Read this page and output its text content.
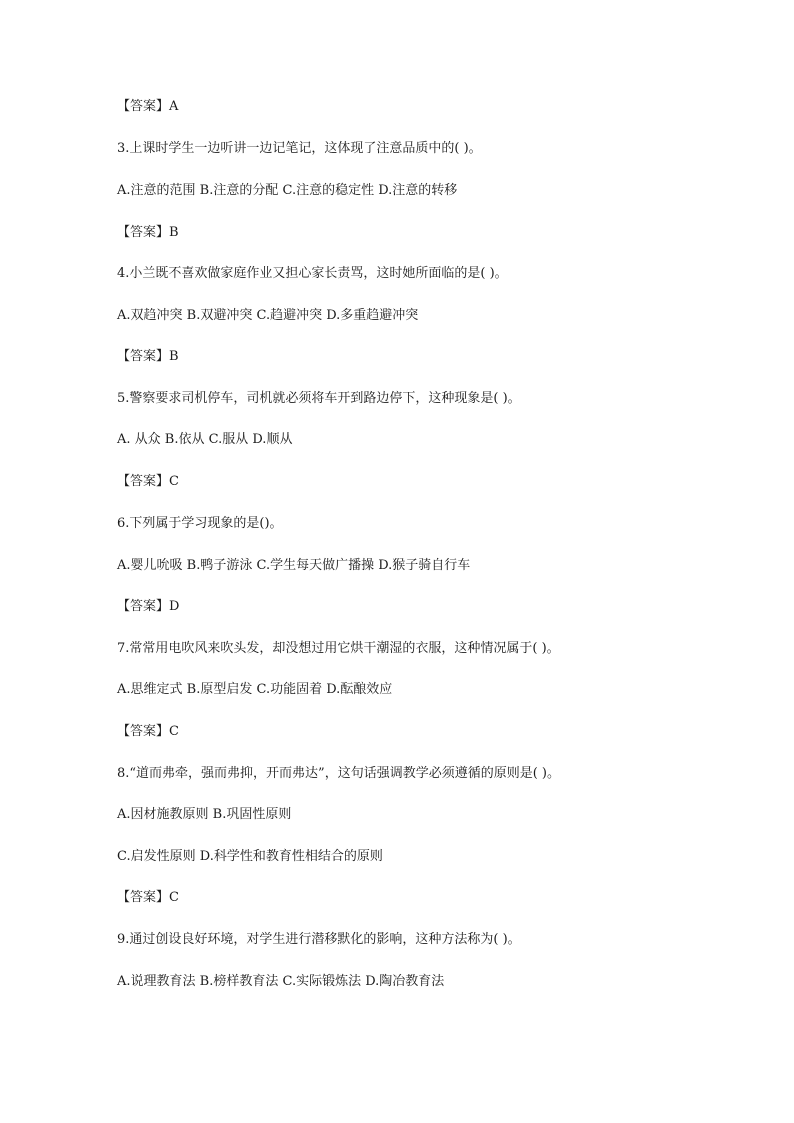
【答案】A
3.上课时学生一边听讲一边记笔记，这体现了注意品质中的( )。
A.注意的范围 B.注意的分配 C.注意的稳定性 D.注意的转移
【答案】B
4.小兰既不喜欢做家庭作业又担心家长责骂，这时她所面临的是( )。
A.双趋冲突 B.双避冲突 C.趋避冲突 D.多重趋避冲突
【答案】B
5.警察要求司机停车，司机就必须将车开到路边停下，这种现象是( )。
A. 从众 B.依从 C.服从 D.顺从
【答案】C
6.下列属于学习现象的是()。
A.婴儿吮吸 B.鸭子游泳 C.学生每天做广播操 D.猴子骑自行车
【答案】D
7.常常用电吹风来吹头发，却没想过用它烘干潮湿的衣服，这种情况属于( )。
A.思维定式 B.原型启发 C.功能固着 D.酝酿效应
【答案】C
8.“道而弗牵，强而弗抑，开而弗达”，这句话强调教学必须遵循的原则是( )。
A.因材施教原则 B.巩固性原则
C.启发性原则 D.科学性和教育性相结合的原则
【答案】C
9.通过创设良好环境，对学生进行潜移默化的影响，这种方法称为( )。
A.说理教育法 B.榜样教育法 C.实际锻炼法 D.陶冶教育法
